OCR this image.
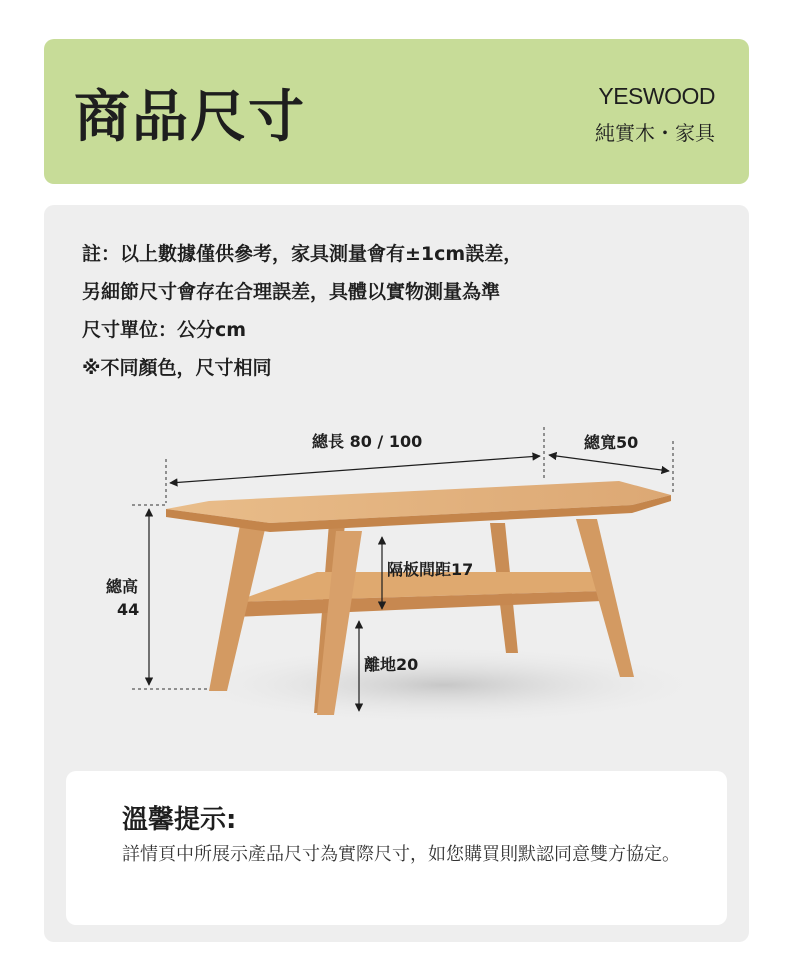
商品尺寸	YESWOOD
純實木・家具
註：以上數據僅供參考，家具測量會有±1cm誤差，
另細節尺寸會存在合理誤差，具體以實物測量為準
尺寸單位：公分cm
※不同顏色，尺寸相同
總長 80 / 100	總寬50
總高
44
隔板間距17
離地20
溫馨提示:
詳情頁中所展示產品尺寸為實際尺寸，如您購買則默認同意雙方協定。
